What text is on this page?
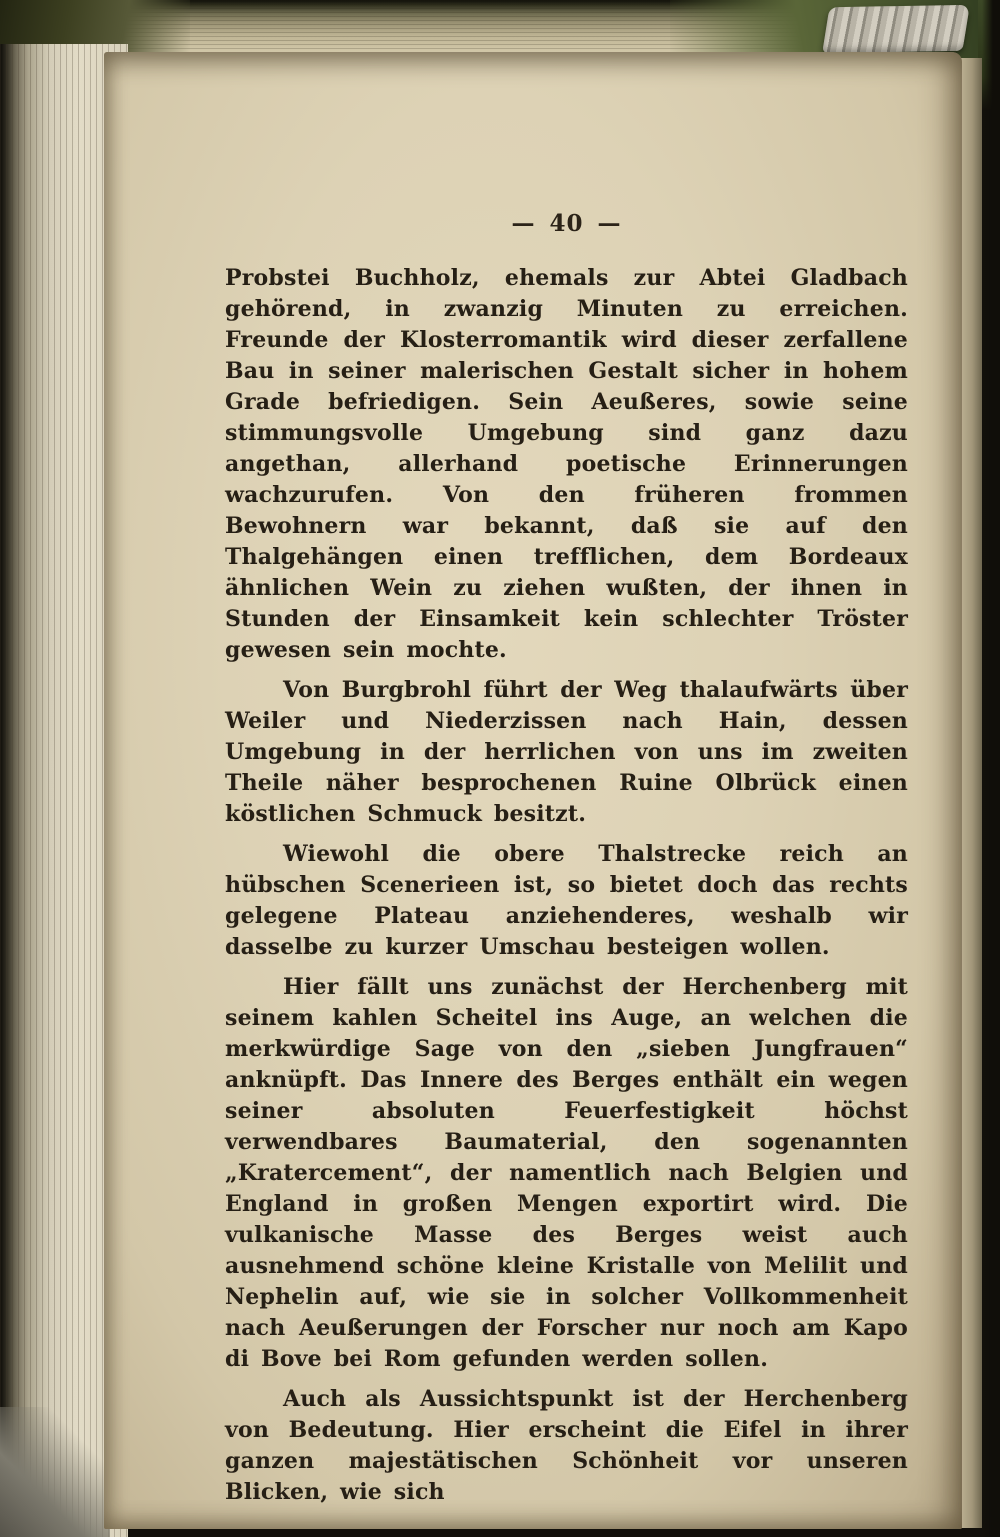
— 40 —

Probstei Buchholz, ehemals zur Abtei Gladbach gehörend, in zwanzig Minuten zu erreichen. Freunde der Klosterromantik wird dieser zerfallene Bau in seiner malerischen Gestalt sicher in hohem Grade befriedigen. Sein Aeußeres, sowie seine stimmungsvolle Umgebung sind ganz dazu angethan, allerhand poetische Erinnerungen wachzurufen. Von den früheren frommen Bewohnern war bekannt, daß sie auf den Thalgehängen einen trefflichen, dem Bordeaux ähnlichen Wein zu ziehen wußten, der ihnen in Stunden der Einsamkeit kein schlechter Tröster gewesen sein mochte.

Von Burgbrohl führt der Weg thalaufwärts über Weiler und Niederzissen nach Hain, dessen Umgebung in der herrlichen von uns im zweiten Theile näher besprochenen Ruine Olbrück einen köstlichen Schmuck besitzt.

Wiewohl die obere Thalstrecke reich an hübschen Scenerieen ist, so bietet doch das rechts gelegene Plateau anziehenderes, weshalb wir dasselbe zu kurzer Umschau besteigen wollen.

Hier fällt uns zunächst der Herchenberg mit seinem kahlen Scheitel ins Auge, an welchen die merkwürdige Sage von den „sieben Jungfrauen“ anknüpft. Das Innere des Berges enthält ein wegen seiner absoluten Feuerfestigkeit höchst verwendbares Baumaterial, den sogenannten „Kratercement“, der namentlich nach Belgien und England in großen Mengen exportirt wird. Die vulkanische Masse des Berges weist auch ausnehmend schöne kleine Kristalle von Melilit und Nephelin auf, wie sie in solcher Vollkommenheit nach Aeußerungen der Forscher nur noch am Kapo di Bove bei Rom gefunden werden sollen.

Auch als Aussichtspunkt ist der Herchenberg von Bedeutung. Hier erscheint die Eifel in ihrer ganzen majestätischen Schönheit vor unseren Blicken, wie sich
